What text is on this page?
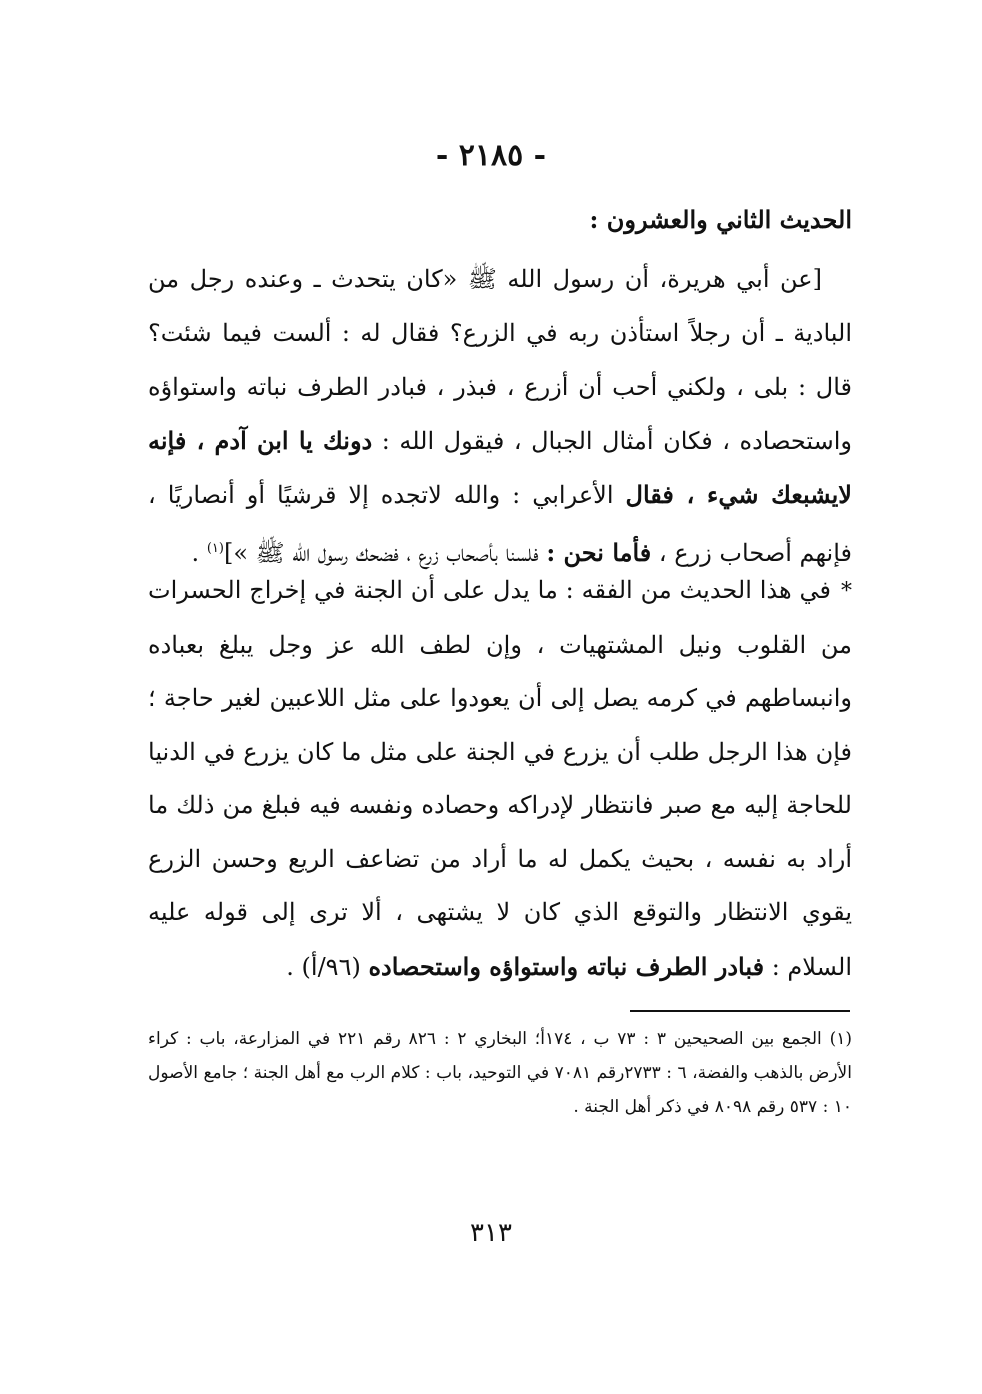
- ٢١٨٥ -
الحديث الثاني والعشرون :

[عن أبي هريرة، أن رسول الله ﷺ «كان يتحدث ـ وعنده رجل من البادية ـ أن رجلاً استأذن ربه في الزرع؟ فقال له : ألست فيما شئت؟ قال : بلى ، ولكني أحب أن أزرع ، فبذر ، فبادر الطرف نباته واستواؤه واستحصاده ، فكان أمثال الجبال ، فيقول الله : دونك يا ابن آدم ، فإنه لايشبعك شيء ، فقال الأعرابي : والله لاتجده إلا قرشيًا أو أنصاريًا ، فإنهم أصحاب زرع ، فأما نحن : فلسنا بأصحاب زرع ، فضحك رسول الله ﷺ »]$^{(١)}$ .

*في هذا الحديث من الفقه : ما يدل على أن الجنة في إخراج الحسرات من القلوب ونيل المشتهيات ، وإن لطف الله عز وجل يبلغ بعباده وانبساطهم في كرمه يصل إلى أن يعودوا على مثل اللاعبين لغير حاجة ؛ فإن هذا الرجل طلب أن يزرع في الجنة على مثل ما كان يزرع في الدنيا للحاجة إليه مع صبر فانتظار لإدراكه وحصاده ونفسه فيه فبلغ من ذلك ما أراد به نفسه ، بحيث يكمل له ما أراد من تضاعف الريع وحسن الزرع يقوي الانتظار والتوقع الذي كان لا يشتهى ، ألا ترى إلى قوله عليه السلام : فبادر الطرف نباته واستواؤه واستحصاده (٩٦/أ) .

(١) الجمع بين الصحيحين ٣ : ٧٣ ب ، ١٧٤أ؛ البخاري ٢ : ٨٢٦ رقم ٢٢١ في المزارعة، باب : كراء الأرض بالذهب والفضة، ٦ : ٢٧٣٣رقم ٧٠٨١ في التوحيد، باب : كلام الرب مع أهل الجنة ؛ جامع الأصول ١٠ : ٥٣٧ رقم ٨٠٩٨ في ذكر أهل الجنة .

٣١٣
